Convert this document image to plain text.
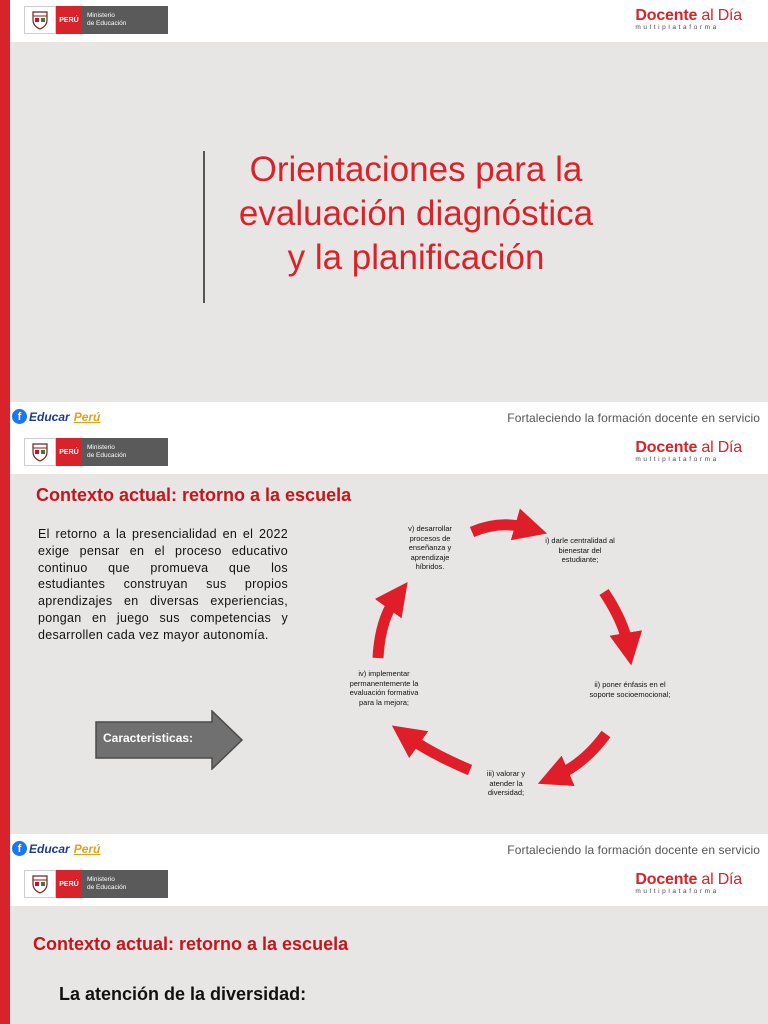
PERÚ
Ministerio
de Educación	Docente al Día
multiplataforma
Orientaciones para la
evaluación diagnóstica
y la planificación
f Educar Perú	Fortaleciendo la formación docente en servicio
PERÚ
Ministerio
de Educación	Docente al Día
multiplataforma
Contexto actual: retorno a la escuela
El retorno a la presencialidad en el 2022 exige pensar en el proceso educativo continuo que promueva que los estudiantes construyan sus propios aprendizajes en diversas experiencias, pongan en juego sus competencias y desarrollen cada vez mayor autonomía.
Caracteristicas:
v) desarrollar procesos de enseñanza y aprendizaje híbridos.
i) darle centralidad al bienestar del estudiante;
ii) poner énfasis en el soporte socioemocional;
iii) valorar y atender la diversidad;
iv) implementar permanentemente la evaluación formativa para la mejora;
f Educar Perú	Fortaleciendo la formación docente en servicio
PERÚ
Ministerio
de Educación	Docente al Día
multiplataforma
Contexto actual: retorno a la escuela
La atención de la diversidad:
